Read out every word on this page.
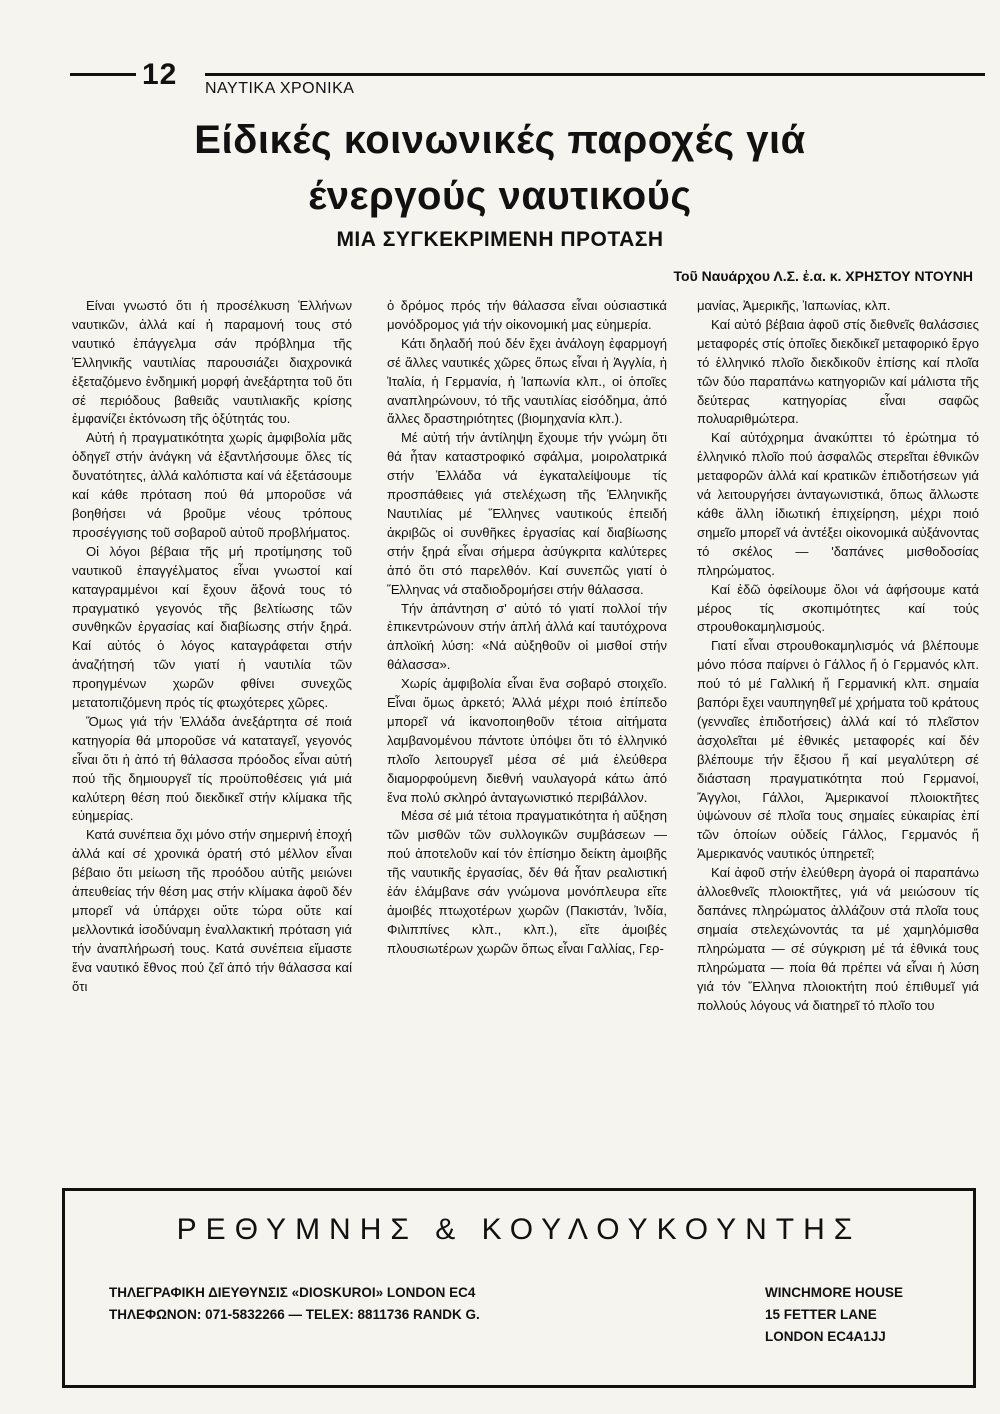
12 ΝΑΥΤΙΚΑ ΧΡΟΝΙΚΑ
Είδικές κοινωνικές παροχές γιά
ένεργούς ναυτικούς
ΜΙΑ ΣΥΓΚΕΚΡΙΜΕΝΗ ΠΡΟΤΑΣΗ
Τοῦ Ναυάρχου Λ.Σ. ἐ.α. κ. ΧΡΗΣΤΟΥ ΝΤΟΥΝΗ

Είναι γνωστό ὅτι ἡ προσέλκυση Ἑλλήνων ναυτικῶν, ἀλλά καί ἡ παραμονή τους στό ναυτικό ἐπάγγελμα σάν πρόβλημα τῆς Ἑλληνικῆς ναυτιλίας παρουσιάζει διαχρονικά ἐξεταζόμενο ἐνδημική μορφή ἀνεξάρτητα τοῦ ὅτι σέ περιόδους βαθειᾶς ναυτιλιακῆς κρίσης ἐμφανίζει ἐκτόνωση τῆς ὀξύτητάς του.

Αὐτή ἡ πραγματικότητα χωρίς ἀμφιβολία μᾶς ὁδηγεῖ στήν ἀνάγκη νά ἐξαντλήσουμε ὅλες τίς δυνατότητες, ἀλλά καλόπιστα καί νά ἐξετάσουμε καί κάθε πρόταση πού θά μποροῦσε νά βοηθήσει νά βροῦμε νέους τρόπους προσέγγισης τοῦ σοβαροῦ αὐτοῦ προβλήματος.

Οἱ λόγοι βέβαια τῆς μή προτίμησης τοῦ ναυτικοῦ ἐπαγγέλματος εἶναι γνωστοί καί καταγραμμένοι καί ἔχουν ἄξονά τους τό πραγματικό γεγονός τῆς βελτίωσης τῶν συνθηκῶν ἐργασίας καί διαβίωσης στήν ξηρά. Καί αὐτός ὁ λόγος καταγράφεται στήν ἀναζήτησή τῶν γιατί ἡ ναυτιλία τῶν προηγμένων χωρῶν φθίνει συνεχῶς μετατοπιζόμενη πρός τίς φτωχότερες χῶρες.

Ὅμως γιά τήν Ἑλλάδα ἀνεξάρτητα σέ ποιά κατηγορία θά μποροῦσε νά καταταγεῖ, γεγονός εἶναι ὅτι ἡ ἀπό τή θάλασσα πρόοδος εἶναι αὐτή πού τῆς δημιουργεῖ τίς προϋποθέσεις γιά μιά καλύτερη θέση πού διεκδικεῖ στήν κλίμακα τῆς εὐημερίας.

Κατά συνέπεια ὄχι μόνο στήν σημερινή ἐποχή ἀλλά καί σέ χρονικά ὁρατή στό μέλλον εἶναι βέβαιο ὅτι μείωση τῆς προόδου αὐτῆς μειώνει ἀπευθείας τήν θέση μας στήν κλίμακα ἀφοῦ δέν μπορεῖ νά ὑπάρχει οὔτε τώρα οὔτε καί μελλοντικά ἰσοδύναμη ἐναλλακτική πρόταση γιά τήν ἀναπλήρωσή τους. Κατά συνέπεια εἴμαστε ἕνα ναυτικό ἔθνος πού ζεῖ ἀπό τήν θάλασσα καί ὅτι

ὁ δρόμος πρός τήν θάλασσα εἶναι οὐσιαστικά μονόδρομος γιά τήν οἰκονομική μας εὐημερία.

Κάτι δηλαδή πού δέν ἔχει ἀνάλογη ἐφαρμογή σέ ἄλλες ναυτικές χῶρες ὅπως εἶναι ἡ Ἀγγλία, ἡ Ἰταλία, ἡ Γερμανία, ἡ Ἰαπωνία κλπ., οἱ ὁποῖες αναπληρώνουν, τό τῆς ναυτιλίας εἰσόδημα, ἀπό ἄλλες δραστηριότητες (βιομηχανία κλπ.).

Μέ αὐτή τήν ἀντίληψη ἔχουμε τήν γνώμη ὅτι θά ἦταν καταστροφικό σφάλμα, μοιρολατρικά στήν Ἑλλάδα νά ἐγκαταλείψουμε τίς προσπάθειες γιά στελέχωση τῆς Ἑλληνικῆς Ναυτιλίας μέ Ἕλληνες ναυτικούς ἐπειδή ἀκριβῶς οἱ συνθῆκες ἐργασίας καί διαβίωσης στήν ξηρά εἶναι σήμερα ἀσύγκριτα καλύτερες ἀπό ὅτι στό παρελθόν. Καί συνεπῶς γιατί ὁ Ἕλληνας νά σταδιοδρομήσει στήν θάλασσα.

Τήν ἀπάντηση σ' αὐτό τό γιατί πολλοί τήν ἐπικεντρώνουν στήν ἁπλή ἀλλά καί ταυτόχρονα ἀπλοϊκή λύση: «Νά αὐξηθοῦν οἱ μισθοί στήν θάλασσα».

Χωρίς ἀμφιβολία εἶναι ἕνα σοβαρό στοιχεῖο. Εἶναι ὅμως ἀρκετό; Ἀλλά μέχρι ποιό ἐπίπεδο μπορεῖ νά ἱκανοποιηθοῦν τέτοια αἰτήματα λαμβανομένου πάντοτε ὑπόψει ὅτι τό ἑλληνικό πλοῖο λειτουργεῖ μέσα σέ μιά ἐλεύθερα διαμορφούμενη διεθνή ναυλαγορά κάτω ἀπό ἕνα πολύ σκληρό ἀνταγωνιστικό περιβάλλον.

Μέσα σέ μιά τέτοια πραγματικότητα ἡ αὔξηση τῶν μισθῶν τῶν συλλογικῶν συμβάσεων — πού ἀποτελοῦν καί τόν ἐπίσημο δείκτη ἀμοιβῆς τῆς ναυτικῆς ἐργασίας, δέν θά ἦταν ρεαλιστική ἐάν ἐλάμβανε σάν γνώμονα μονόπλευρα εἴτε ἀμοιβές πτωχοτέρων χωρῶν (Πακιστάν, Ἰνδία, Φιλιππίνες κλπ., κλπ.), εἴτε ἀμοιβές πλουσιωτέρων χωρῶν ὅπως εἶναι Γαλλίας, Γερ-

μανίας, Ἀμερικῆς, Ἰαπωνίας, κλπ.

Καί αὐτό βέβαια ἀφοῦ στίς διεθνεῖς θαλάσσιες μεταφορές στίς ὁποῖες διεκδικεῖ μεταφορικό ἔργο τό ἑλληνικό πλοῖο διεκδικοῦν ἐπίσης καί πλοῖα τῶν δύο παραπάνω κατηγοριῶν καί μάλιστα τῆς δεύτερας κατηγορίας εἶναι σαφῶς πολυαριθμώτερα.

Καί αὐτόχρημα ἀνακύπτει τό ἐρώτημα τό ἑλληνικό πλοῖο πού ἀσφαλῶς στερεῖται ἐθνικῶν μεταφορῶν ἀλλά καί κρατικῶν ἐπιδοτήσεων γιά νά λειτουργήσει ἀνταγωνιστικά, ὅπως ἄλλωστε κάθε ἄλλη ἰδιωτική ἐπιχείρηση, μέχρι ποιό σημεῖο μπορεῖ νά ἀντέξει οἰκονομικά αὐξάνοντας τό σκέλος — 'δαπάνες μισθοδοσίας πληρώματος.

Καί ἐδῶ ὀφείλουμε ὅλοι νά ἀφήσουμε κατά μέρος τίς σκοπιμότητες καί τούς στρουθοκαμηλισμούς.

Γιατί εἶναι στρουθοκαμηλισμός νά βλέπουμε μόνο πόσα παίρνει ὁ Γάλλος ἤ ὁ Γερμανός κλπ. πού τό μέ Γαλλική ἤ Γερμανική κλπ. σημαία βαπόρι ἔχει ναυπηγηθεῖ μέ χρήματα τοῦ κράτους (γενναῖες ἐπιδοτήσεις) ἀλλά καί τό πλεῖστον ἀσχολεῖται μέ ἐθνικές μεταφορές καί δέν βλέπουμε τήν ἔξισου ἤ καί μεγαλύτερη σέ διάσταση πραγματικότητα πού Γερμανοί, Ἄγγλοι, Γάλλοι, Ἀμερικανοί πλοιοκτῆτες ὑψώνουν σέ πλοῖα τους σημαίες εὐκαιρίας ἐπί τῶν ὁποίων οὐδείς Γάλλος, Γερμανός ἤ Ἀμερικανός ναυτικός ὑπηρετεῖ;

Καί ἀφοῦ στήν ἐλεύθερη ἀγορά οἱ παραπάνω ἀλλοεθνεῖς πλοιοκτῆτες, γιά νά μειώσουν τίς δαπάνες πληρώματος ἀλλάζουν στά πλοῖα τους σημαία στελεχώνοντάς τα μέ χαμηλόμισθα πληρώματα — σέ σύγκριση μέ τά ἐθνικά τους πληρώματα — ποία θά πρέπει νά εἶναι ἡ λύση γιά τόν Ἕλληνα πλοιοκτήτη πού ἐπιθυμεῖ γιά πολλούς λόγους νά διατηρεῖ τό πλοῖο του

ΡΕΘΥΜΝΗΣ & ΚΟΥΛΟΥΚΟΥΝΤΗΣ
ΤΗΛΕΓΡΑΦΙΚΗ ΔΙΕΥΘΥΝΣΙΣ «DIOSKUROI» LONDON EC4
ΤΗΛΕΦΩΝΟΝ: 071-5832266 — TELEX: 8811736 RANDK G.
WINCHMORE HOUSE
15 FETTER LANE
LONDON EC4A1JJ
